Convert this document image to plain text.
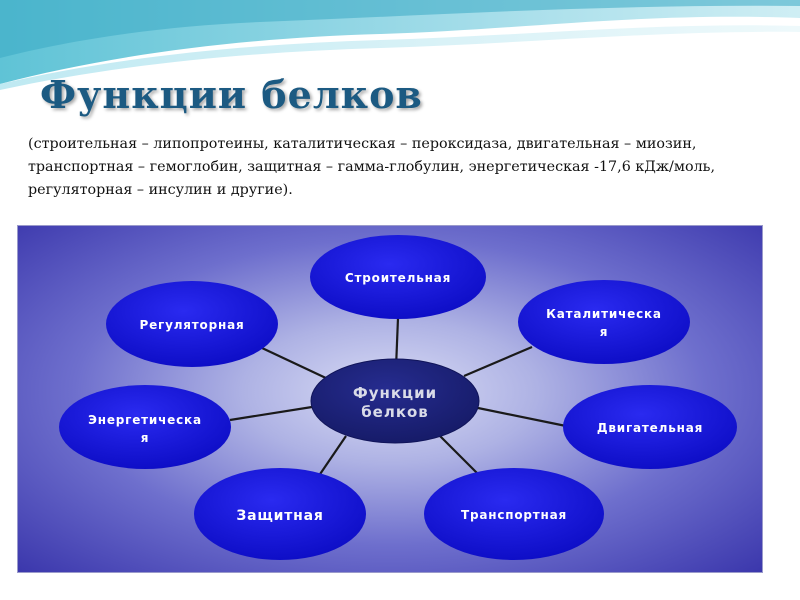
Функции белков
(строительная – липопротеины, каталитическая – пероксидаза, двигательная – миозин, транспортная – гемоглобин, защитная – гамма-глобулин, энергетическая -17,6 кДж/моль, регуляторная – инсулин и другие).
Строительная
Каталитическа
я
Двигательная
Транспортная
Защитная
Энергетическа
я
Регуляторная
Функции
белков
